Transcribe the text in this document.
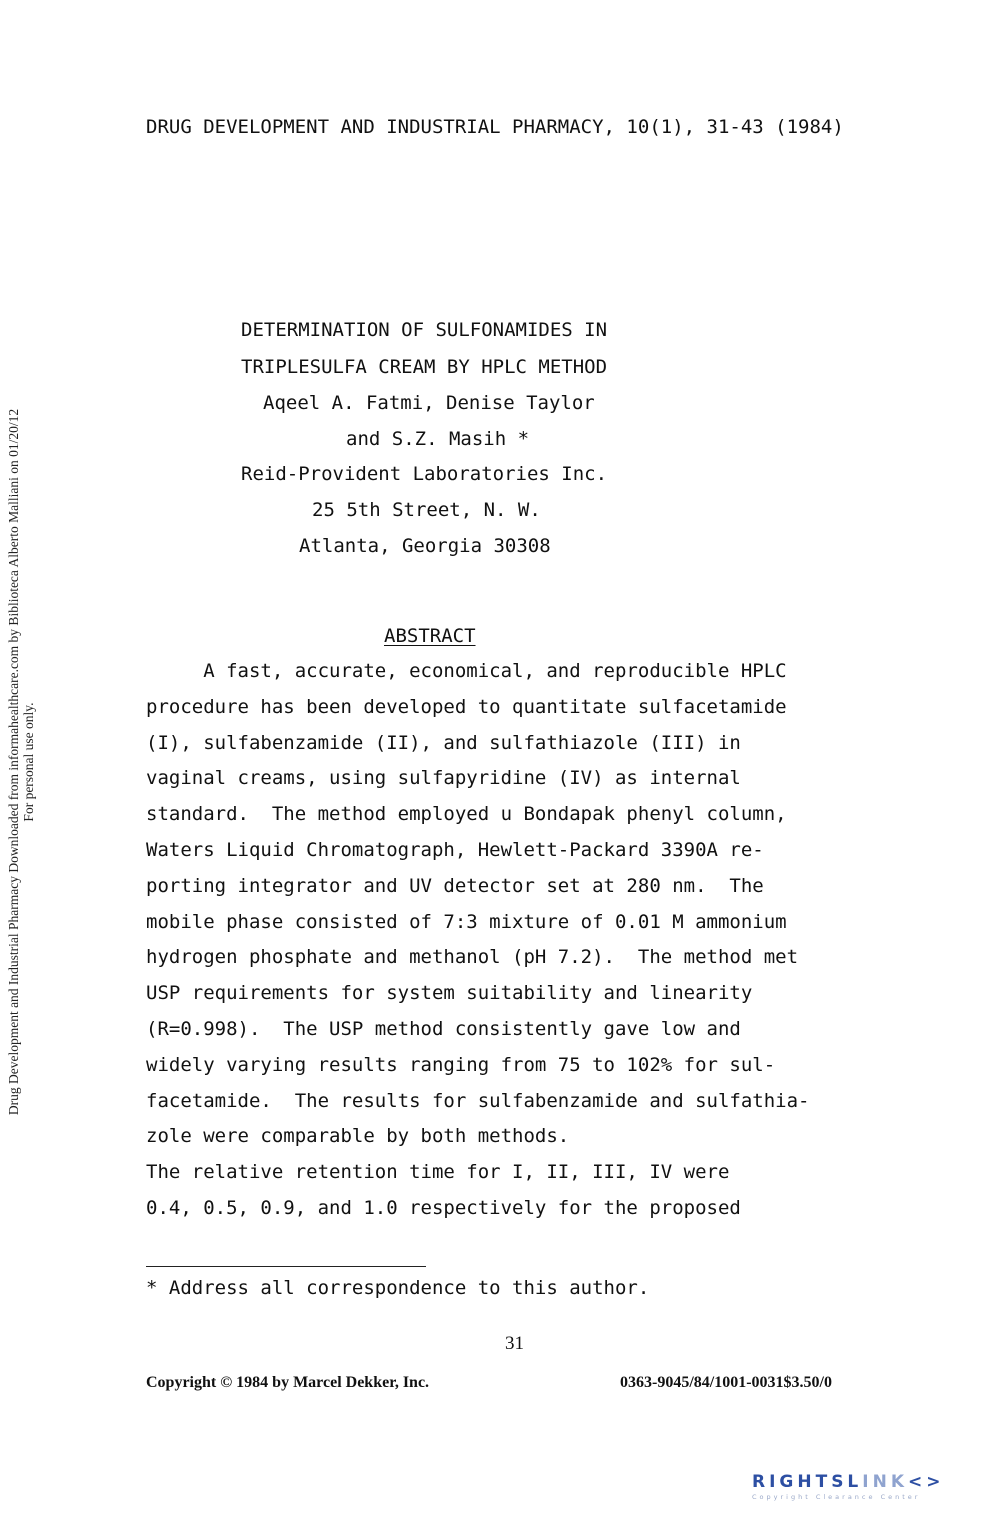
Drug Development and Industrial Pharmacy Downloaded from informahealthcare.com by Biblioteca Alberto Malliani on 01/20/12 For personal use only.
DRUG DEVELOPMENT AND INDUSTRIAL PHARMACY, 10(1), 31-43 (1984)
DETERMINATION OF SULFONAMIDES IN
TRIPLESULFA CREAM BY HPLC METHOD
Aqeel A. Fatmi, Denise Taylor
and S.Z. Masih *
Reid-Provident Laboratories Inc.
25 5th Street, N. W.
Atlanta, Georgia 30308
ABSTRACT
A fast, accurate, economical, and reproducible HPLC
procedure has been developed to quantitate sulfacetamide
(I), sulfabenzamide (II), and sulfathiazole (III) in
vaginal creams, using sulfapyridine (IV) as internal
standard.  The method employed u Bondapak phenyl column,
Waters Liquid Chromatograph, Hewlett-Packard 3390A re-
porting integrator and UV detector set at 280 nm.  The
mobile phase consisted of 7:3 mixture of 0.01 M ammonium
hydrogen phosphate and methanol (pH 7.2).  The method met
USP requirements for system suitability and linearity
(R=0.998).  The USP method consistently gave low and
widely varying results ranging from 75 to 102% for sul-
facetamide.  The results for sulfabenzamide and sulfathia-
zole were comparable by both methods.
The relative retention time for I, II, III, IV were
0.4, 0.5, 0.9, and 1.0 respectively for the proposed
* Address all correspondence to this author.
31
Copyright © 1984 by Marcel Dekker, Inc.	0363-9045/84/1001-0031$3.50/0
RIGHTSLINK<>
Copyright Clearance Center
